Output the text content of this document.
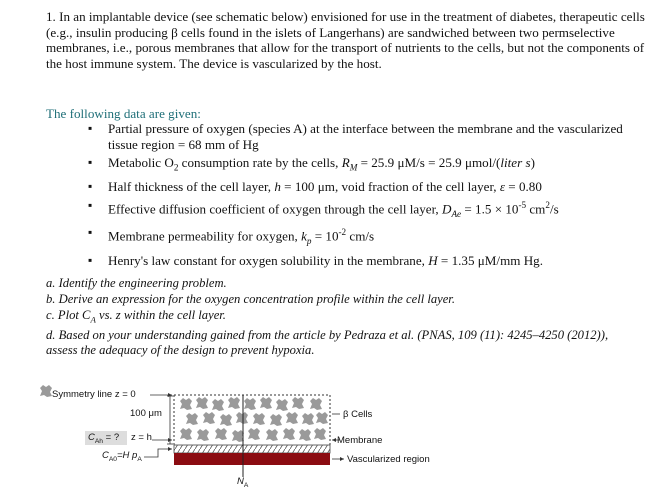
1. In an implantable device (see schematic below) envisioned for use in the treatment of diabetes, therapeutic cells (e.g., insulin producing β cells found in the islets of Langerhans) are sandwiched between two permselective membranes, i.e., porous membranes that allow for the transport of nutrients to the cells, but not the components of the host immune system. The device is vascularized by the host.
The following data are given:
▪ Partial pressure of oxygen (species A) at the interface between the membrane and the vascularized tissue region = 68 mm of Hg
▪ Metabolic $O_2$ consumption rate by the cells, $R_M = 25.9$ μM/s = 25.9 μmol/(liter s)
▪ Half thickness of the cell layer, h = 100 μm, void fraction of the cell layer, ε = 0.80
▪ Effective diffusion coefficient of oxygen through the cell layer, $D_{Ae} = 1.5 \times 10^{-5}$ $cm^2/s$
▪ Membrane permeability for oxygen, $k_p = 10^{-2}$ cm/s
▪ Henry's law constant for oxygen solubility in the membrane, H = 1.35 μM/mm Hg.
a. Identify the engineering problem.
b. Derive an expression for the oxygen concentration profile within the cell layer.
c. Plot $C_A$ vs. z within the cell layer.
d. Based on your understanding gained from the article by Pedraza et al. (PNAS, 109 (11): 4245–4250 (2012)), assess the adequacy of the design to prevent hypoxia.
Symmetry line z = 0
100 μm
$C_{Ah}$ = ? z = h
$C_{A0}=H$ $p_A$
β Cells
Membrane
Vascularized region
$N_A$
